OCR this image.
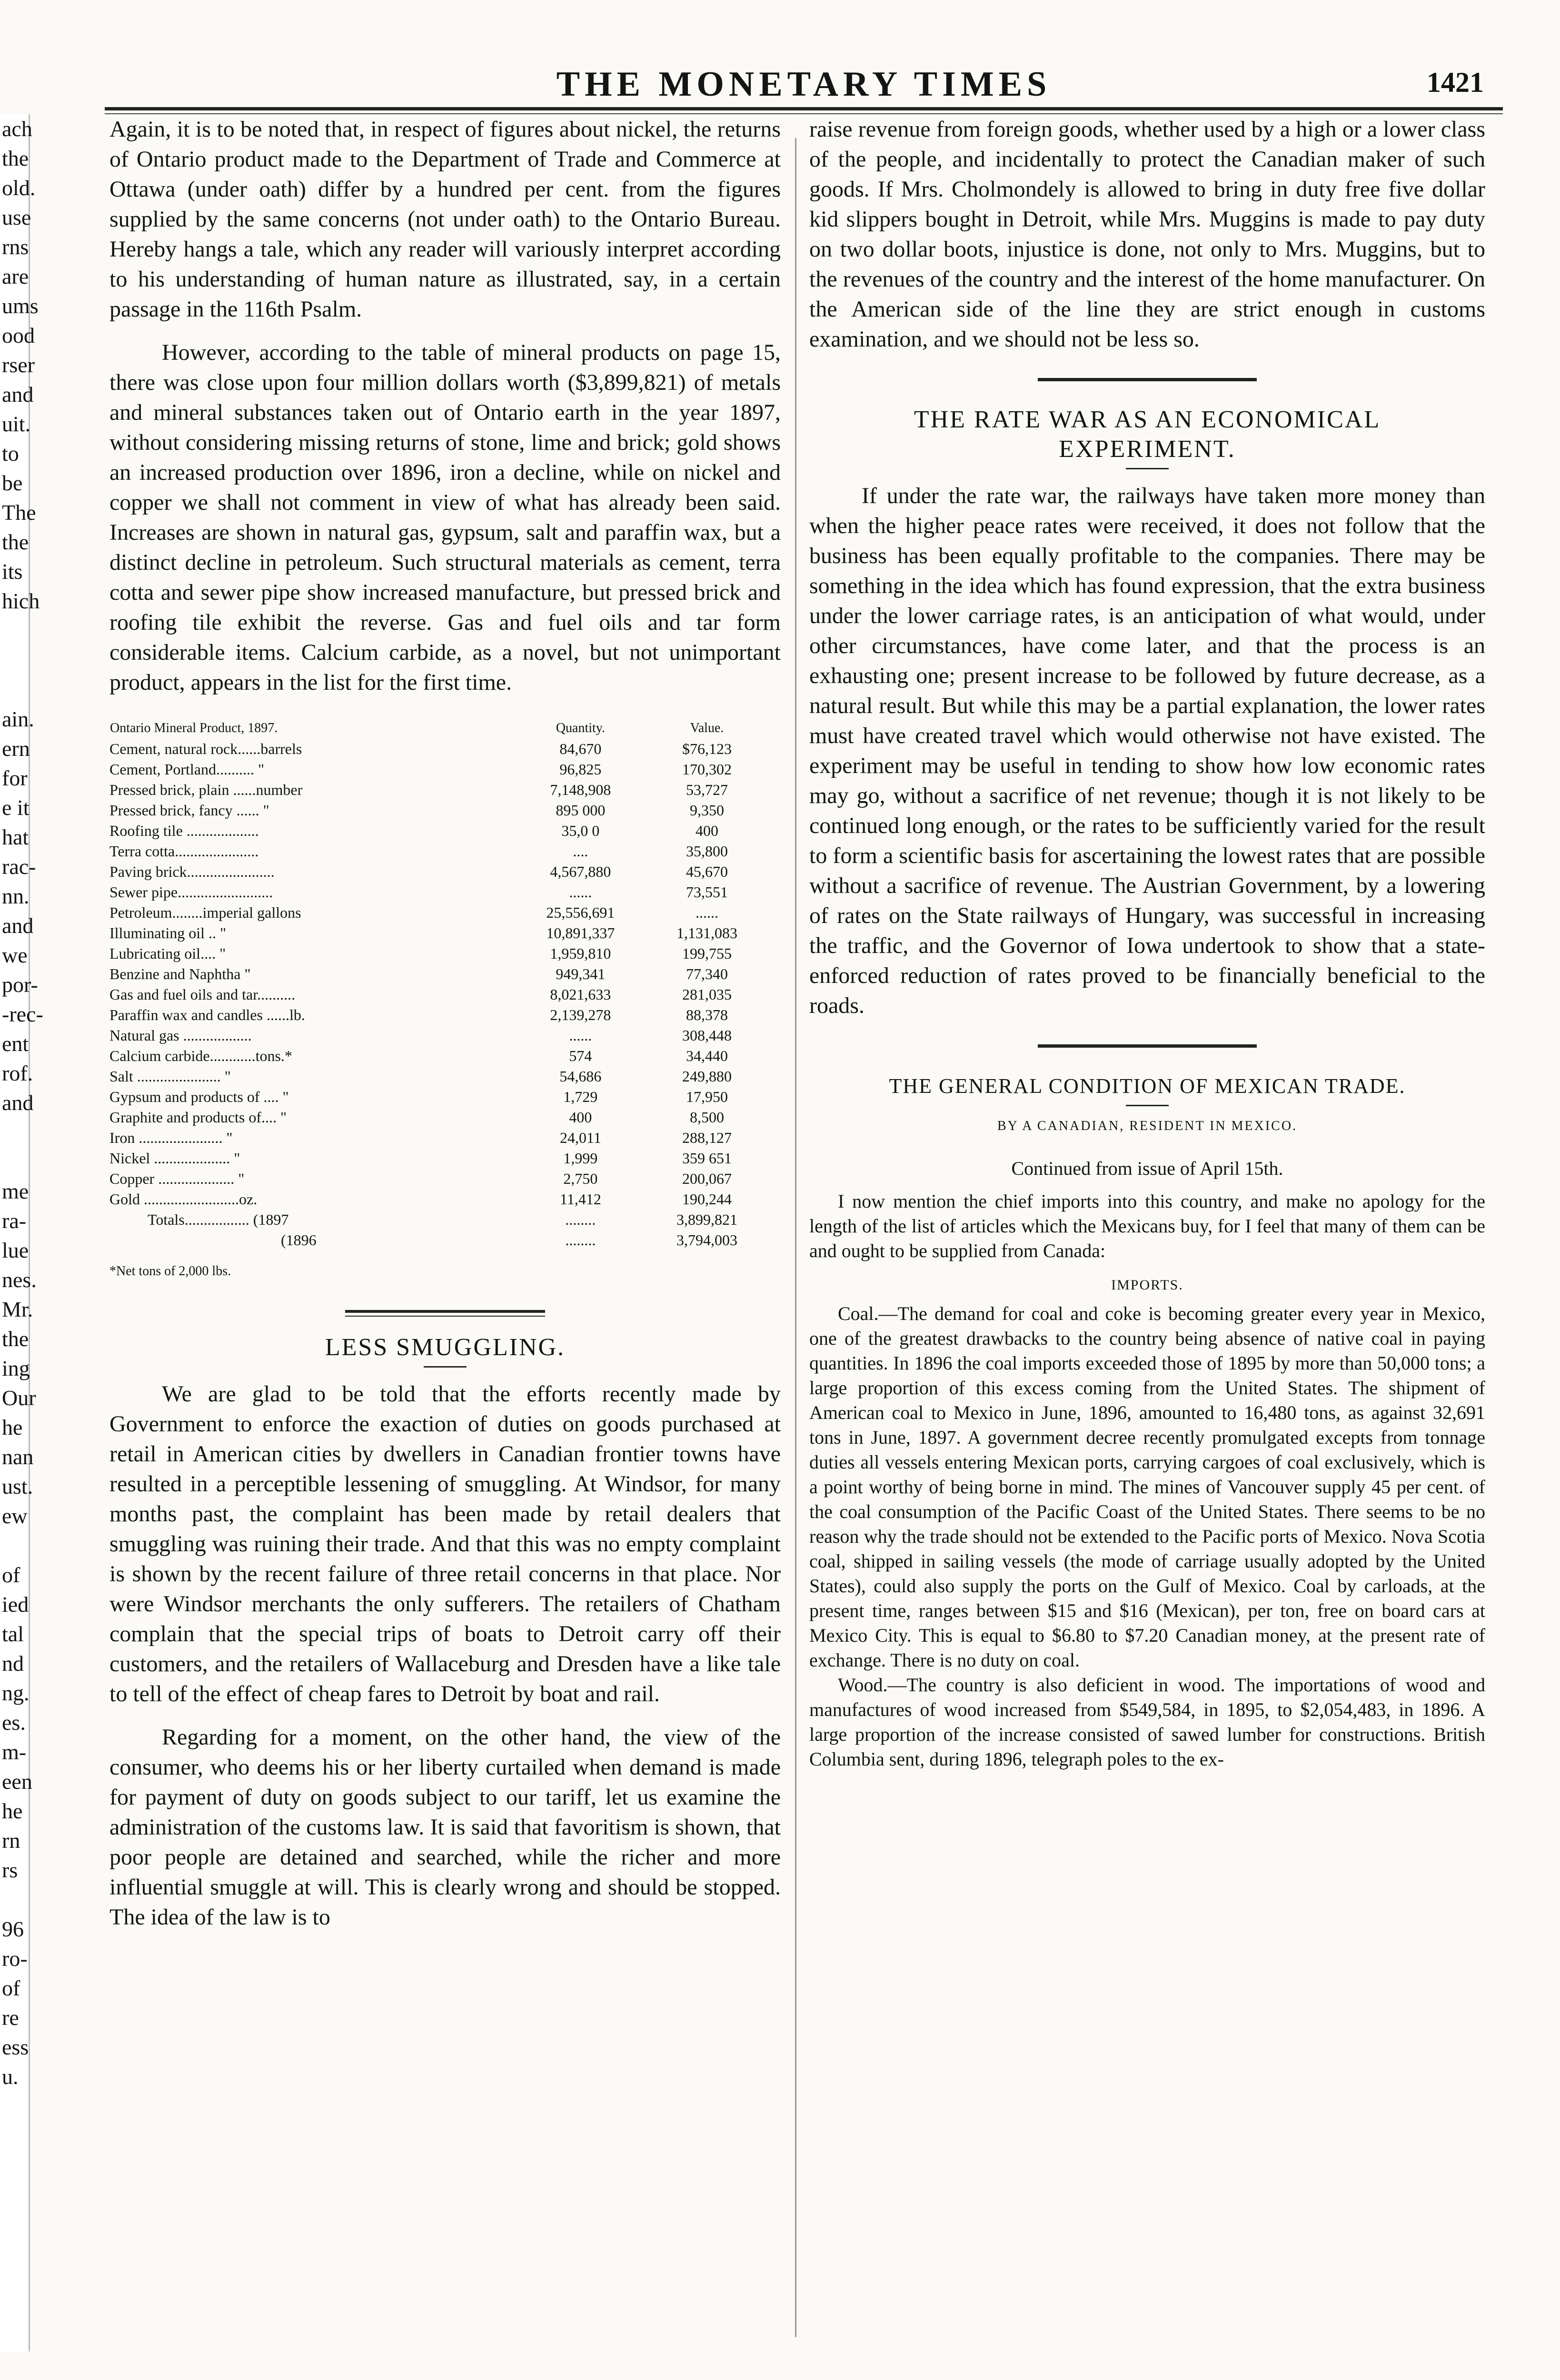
ach
the
old.
use
rns
are
ums
ood
rser
and
uit.
to
be
The
the
its
hich

ain.
ern
for
e it
hat
rac-
nn.
and
we
por-
-rec-
ent
rof.
and

me
ra-
lue
nes.
Mr.
the
ing
Our
he
nan
ust.
ew

of
ied
tal
nd
ng.
es.
m-
een
he
rn
rs

96
ro-
of
re
ess
u.
THE MONETARY TIMES	1421

Again, it is to be noted that, in respect of figures about nickel, the returns of Ontario product made to the Department of Trade and Commerce at Ottawa (under oath) differ by a hundred per cent. from the figures supplied by the same concerns (not under oath) to the Ontario Bureau. Hereby hangs a tale, which any reader will variously interpret according to his understanding of human nature as illustrated, say, in a certain passage in the 116th Psalm.

However, according to the table of mineral products on page 15, there was close upon four million dollars worth ($3,899,821) of metals and mineral substances taken out of Ontario earth in the year 1897, without considering missing returns of stone, lime and brick; gold shows an increased production over 1896, iron a decline, while on nickel and copper we shall not comment in view of what has already been said. Increases are shown in natural gas, gypsum, salt and paraffin wax, but a distinct decline in petroleum. Such structural materials as cement, terra cotta and sewer pipe show increased manufacture, but pressed brick and roofing tile exhibit the reverse. Gas and fuel oils and tar form considerable items. Calcium carbide, as a novel, but not unimportant product, appears in the list for the first time.

Ontario Mineral Product, 1897.	Quantity.	Value.
Cement, natural rock......barrels	84,670	$76,123
Cement, Portland.......... "	96,825	170,302
Pressed brick, plain ......number	7,148,908	53,727
Pressed brick, fancy ...... "	895 000	9,350
Roofing tile ...................	35,0 0	400
Terra cotta......................	....	35,800
Paving brick.......................	4,567,880	45,670
Sewer pipe.........................	......	73,551
Petroleum........imperial gallons	25,556,691	......
Illuminating oil .. "	10,891,337	1,131,083
Lubricating oil.... "	1,959,810	199,755
Benzine and Naphtha "	949,341	77,340
Gas and fuel oils and tar..........	8,021,633	281,035
Paraffin wax and candles ......lb.	2,139,278	88,378
Natural gas ..................	......	308,448
Calcium carbide............tons.*	574	34,440
Salt ...................... "	54,686	249,880
Gypsum and products of .... "	1,729	17,950
Graphite and products of.... "	400	8,500
Iron ...................... "	24,011	288,127
Nickel .................... "	1,999	359 651
Copper .................... "	2,750	200,067
Gold .........................oz.	11,412	190,244
Totals................. (1897	........	3,899,821
(1896	........	3,794,003
*Net tons of 2,000 lbs.
LESS SMUGGLING.

We are glad to be told that the efforts recently made by Government to enforce the exaction of duties on goods purchased at retail in American cities by dwellers in Canadian frontier towns have resulted in a perceptible lessening of smuggling. At Windsor, for many months past, the complaint has been made by retail dealers that smuggling was ruining their trade. And that this was no empty complaint is shown by the recent failure of three retail concerns in that place. Nor were Windsor merchants the only sufferers. The retailers of Chatham complain that the special trips of boats to Detroit carry off their customers, and the retailers of Wallaceburg and Dresden have a like tale to tell of the effect of cheap fares to Detroit by boat and rail.

Regarding for a moment, on the other hand, the view of the consumer, who deems his or her liberty curtailed when demand is made for payment of duty on goods subject to our tariff, let us examine the administration of the customs law. It is said that favoritism is shown, that poor people are detained and searched, while the richer and more influential smuggle at will. This is clearly wrong and should be stopped. The idea of the law is to

raise revenue from foreign goods, whether used by a high or a lower class of the people, and incidentally to protect the Canadian maker of such goods. If Mrs. Cholmondely is allowed to bring in duty free five dollar kid slippers bought in Detroit, while Mrs. Muggins is made to pay duty on two dollar boots, injustice is done, not only to Mrs. Muggins, but to the revenues of the country and the interest of the home manufacturer. On the American side of the line they are strict enough in customs examination, and we should not be less so.

THE RATE WAR AS AN ECONOMICAL
EXPERIMENT.

If under the rate war, the railways have taken more money than when the higher peace rates were received, it does not follow that the business has been equally profitable to the companies. There may be something in the idea which has found expression, that the extra business under the lower carriage rates, is an anticipation of what would, under other circumstances, have come later, and that the process is an exhausting one; present increase to be followed by future decrease, as a natural result. But while this may be a partial explanation, the lower rates must have created travel which would otherwise not have existed. The experiment may be useful in tending to show how low economic rates may go, without a sacrifice of net revenue; though it is not likely to be continued long enough, or the rates to be sufficiently varied for the result to form a scientific basis for ascertaining the lowest rates that are possible without a sacrifice of revenue. The Austrian Government, by a lowering of rates on the State railways of Hungary, was successful in increasing the traffic, and the Governor of Iowa undertook to show that a state-enforced reduction of rates proved to be financially beneficial to the roads.

THE GENERAL CONDITION OF MEXICAN TRADE.
BY A CANADIAN, RESIDENT IN MEXICO.
Continued from issue of April 15th.

I now mention the chief imports into this country, and make no apology for the length of the list of articles which the Mexicans buy, for I feel that many of them can be and ought to be supplied from Canada:

IMPORTS.

Coal.—The demand for coal and coke is becoming greater every year in Mexico, one of the greatest drawbacks to the country being absence of native coal in paying quantities. In 1896 the coal imports exceeded those of 1895 by more than 50,000 tons; a large proportion of this excess coming from the United States. The shipment of American coal to Mexico in June, 1896, amounted to 16,480 tons, as against 32,691 tons in June, 1897. A government decree recently promulgated excepts from tonnage duties all vessels entering Mexican ports, carrying cargoes of coal exclusively, which is a point worthy of being borne in mind. The mines of Vancouver supply 45 per cent. of the coal consumption of the Pacific Coast of the United States. There seems to be no reason why the trade should not be extended to the Pacific ports of Mexico. Nova Scotia coal, shipped in sailing vessels (the mode of carriage usually adopted by the United States), could also supply the ports on the Gulf of Mexico. Coal by carloads, at the present time, ranges between $15 and $16 (Mexican), per ton, free on board cars at Mexico City. This is equal to $6.80 to $7.20 Canadian money, at the present rate of exchange. There is no duty on coal.

Wood.—The country is also deficient in wood. The importations of wood and manufactures of wood increased from $549,584, in 1895, to $2,054,483, in 1896. A large proportion of the increase consisted of sawed lumber for constructions. British Columbia sent, during 1896, telegraph poles to the ex-
